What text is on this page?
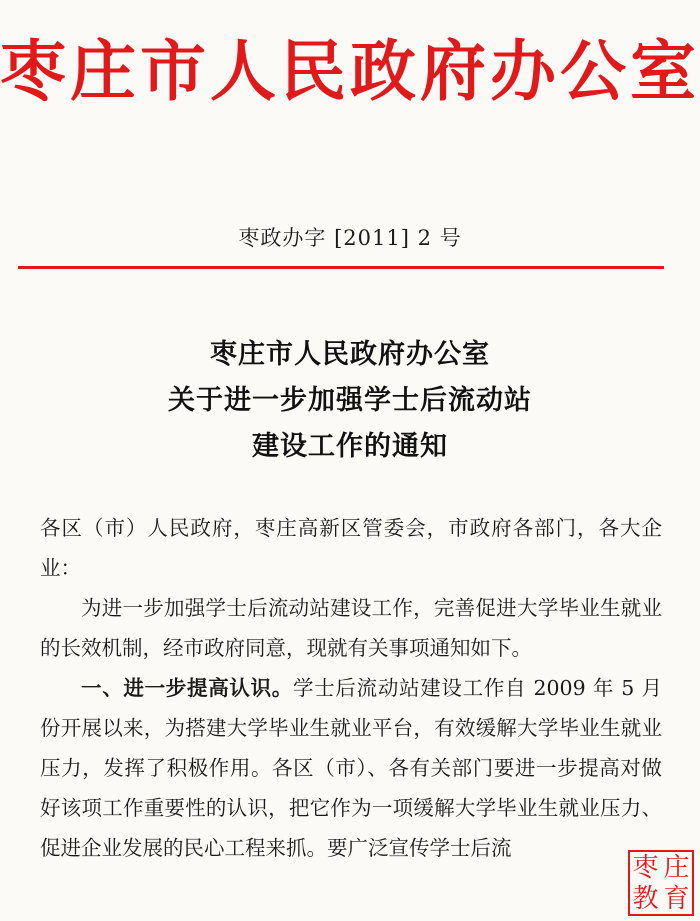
枣庄市人民政府办公室
枣政办字 [2011] 2 号
枣庄市人民政府办公室
关于进一步加强学士后流动站
建设工作的通知

各区（市）人民政府，枣庄高新区管委会，市政府各部门，各大企业：

为进一步加强学士后流动站建设工作，完善促进大学毕业生就业的长效机制，经市政府同意，现就有关事项通知如下。

一、进一步提高认识。学士后流动站建设工作自 2009 年 5 月份开展以来，为搭建大学毕业生就业平台，有效缓解大学毕业生就业压力，发挥了积极作用。各区（市）、各有关部门要进一步提高对做好该项工作重要性的认识，把它作为一项缓解大学毕业生就业压力、促进企业发展的民心工程来抓。要广泛宣传学士后流

枣 庄
教 育
